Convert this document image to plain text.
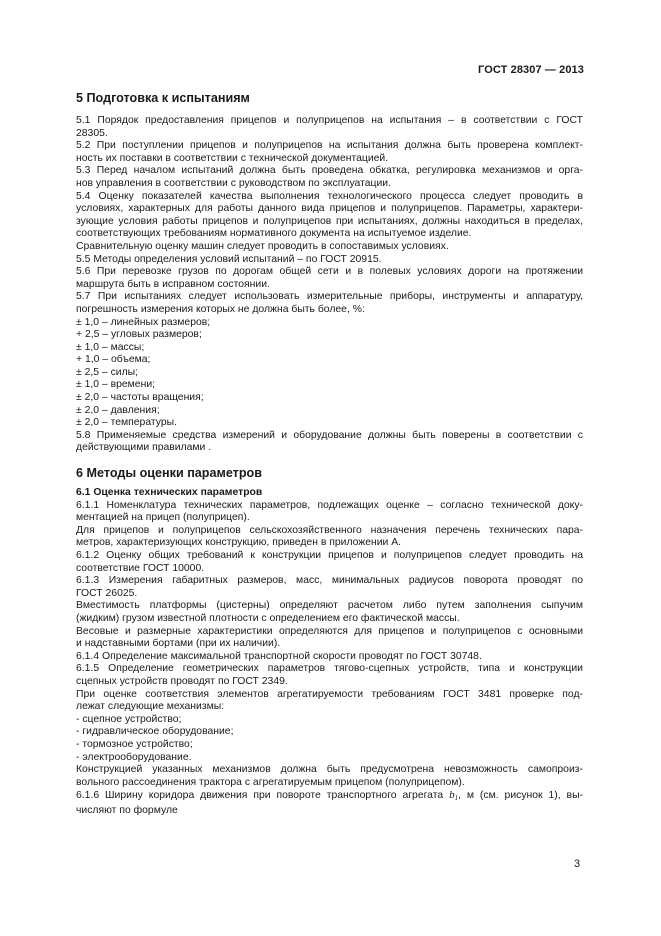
ГОСТ 28307 — 2013

5 Подготовка к испытаниям

5.1 Порядок предоставления прицепов и полуприцепов на испытания – в соответствии с ГОСТ

28305.

5.2 При поступлении прицепов и полуприцепов на испытания должна быть проверена комплект-

ность их поставки в соответствии с технической документацией.

5.3 Перед началом испытаний должна быть проведена обкатка, регулировка механизмов и орга-

нов управления в соответствии с руководством по эксплуатации.

5.4 Оценку показателей качества выполнения технологического процесса следует проводить в

условиях, характерных для работы данного вида прицепов и полуприцепов. Параметры, характери-

зующие условия работы прицепов и полуприцепов при испытаниях, должны находиться в пределах,

соответствующих требованиям нормативного документа на испытуемое изделие.

Сравнительную оценку машин следует проводить в сопоставимых условиях.

5.5 Методы определения условий испытаний – по ГОСТ 20915.

5.6 При перевозке грузов по дорогам общей сети и в полевых условиях дороги на протяжении

маршрута быть в исправном состоянии.

5.7 При испытаниях следует использовать измерительные приборы, инструменты и аппаратуру,

погрешность измерения которых не должна быть более, %:

± 1,0 – линейных размеров;

+ 2,5 – угловых размеров;

± 1,0 – массы;

+ 1,0 – объема;

± 2,5 – силы;

± 1,0 – времени;

± 2,0 – частоты вращения;

± 2,0 – давления;

± 2,0 – температуры.

5.8 Применяемые средства измерений и оборудование должны быть поверены в соответствии с

действующими правилами .

6 Методы оценки параметров

6.1 Оценка технических параметров

6.1.1 Номенклатура технических параметров, подлежащих оценке – согласно технической доку-

ментацией на прицеп (полуприцеп).

Для прицепов и полуприцепов сельскохозяйственного назначения перечень технических пара-

метров, характеризующих конструкцию, приведен в приложении А.

6.1.2 Оценку общих требований к конструкции прицепов и полуприцепов следует проводить на

соответствие ГОСТ 10000.

6.1.3 Измерения габаритных размеров, масс, минимальных радиусов поворота проводят по

ГОСТ 26025.

Вместимость платформы (цистерны) определяют расчетом либо путем заполнения сыпучим

(жидким) грузом известной плотности с определением его фактической массы.

Весовые и размерные характеристики определяются для прицепов и полуприцепов с основными

и надставными бортами (при их наличии).

6.1.4 Определение максимальной транспортной скорости проводят по ГОСТ 30748.

6.1.5 Определение геометрических параметров тягово-сцепных устройств, типа и конструкции

сцепных устройств проводят по ГОСТ 2349.

При оценке соответствия элементов агрегатируемости требованиям ГОСТ 3481 проверке под-

лежат следующие механизмы:

- сцепное устройство;

- гидравлическое оборудование;

- тормозное устройство;

- электрооборудование.

Конструкцией указанных механизмов должна быть предусмотрена невозможность самопроиз-

вольного рассоединения трактора с агрегатируемым прицепом (полуприцепом).

6.1.6 Ширину коридора движения при повороте транспортного агрегата $b_1$, м (см. рисунок 1), вы-

числяют по формуле

3
